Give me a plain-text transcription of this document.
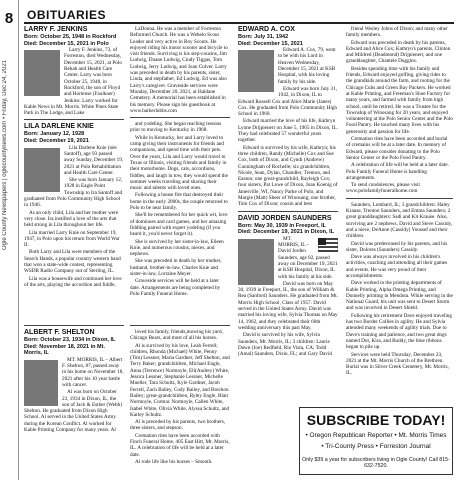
8
Ogle County Newspapers | oglecountynews.com • Friday, Dec 24, 2021
OBITUARIES
LARRY F. JENKINS
Born: October 25, 1948 in Rockford
Died: December 15, 2021 in Polo

Larry F. Jenkins, 73, of Forreston, died Wednesday, December 15, 2021, at Polo Rehab and Health Care Center. Larry was born October 25, 1948, in Rockford, the son of Floyd and Hortense (Faulkner) Jenkins. Larry worked for Kable News in Mt. Morris. White Pines State Park in The Lodge, and Lake

LILA DARLENE KNIE
Born: January 12, 1928
Died: December 19, 2021

Lila Darlene Knie (née Santoff), age 93 passed away Sunday, December 19, 2021 at Polo Rehabilitation and Health Care Center.

She was born January 12, 1928 in Eagle Point Township to Ira Santoff and graduated from Polo Community High School in 1946.

As an only child, Lila and her mother were very close. Ira instilled a love of the arts that held strong in Lila throughout her life.

Lila married Larry Knie on September 19, 1947, in Polo upon his return from World War II.

Both Larry and Lila were members of the Search Hands, a popular country western band that won a state-wide contest, representing WSDR Radio Company out of Sterling, IL.

Lila was a housewife and continued her love of the arts, playing the accordion and fiddle,

ALBERT F. SHELTON
Born: October 23, 1934 in Dixon, IL
Died: November 18, 2021 in Mt. Morris, IL

MT. MORRIS, IL – Albert F. Shelton, 87, passed away in his home on November 18, 2021 after his 10 year battle with cancer.

Al was born on October 23, 1934 in Dixon, IL, the son of Jack & Esther (Webb) Shelton. He graduated from Dixon High School. Al served in the United States Army during the Korean Conflict. Al worked for Kable Printing Company for many years. Al

LaDonna. He was a member of Forreston Reformed Church. He was a Webelo Scout Leader and very active in Boy Scouts. He enjoyed riding his motor scooter and bicycle to visit friends. Surviving is his step-cousins, Jim Ludwig, Duane Ludwig, Cindy Tiggas, Tom Ludwig, Jerry Ludwig, and Joan Culver. Larry was preceded in death by his parents, sister, Linda, and stepfather, Ed Ludwig. Ed was also Larry's caregiver. Graveside services were Monday, December 20, 2021, at Haldane Cemetery. A memorial has been established in his memory. Please sign his guestbook at www.barkerlubbs.com

and yodeling. She began teaching lessons prior to moving to Kentucky in 1968.

While in Kentucky, her and Larry loved to camp giving their instruments for friends and companions, and spend time with their pets. Over the years, Lila and Larry would travel to Texas or Illinois, visiting friends and family in their motorhome. Dogs, cats, accordions, fiddles, and laugh in tow, they would spend the summer weeks traveling and sharing their music and talents with loved ones.

Following a house fire that destroyed their home in the early 2000s, the couple returned to Polo to be near family.

She'll be remembered for her quick wit, love of dominoes and card games, and her amazing fiddling paired with expert yodeling (if you heard it, you'd never forget it).

She is survived by her sister-in-law, Eileen Knie, and numerous cousins, nieces, and nephews.

She was preceded in death by her mother, husband, brother-in-law, Charles Knie and sister-in-law, Lorraine Meyer.

Graveside services will be held at a later date. Arrangements are being completed by Polo Family Funeral Home.

loved his family, friends,mowing his yard, Chicago Bears, and most of all his horses.

Al is survived by his love, Leah Ferrell; children, Rhonda (Michael) White, Penny (Tim) Lessner, Maria Gardner, Jeff Shelton, and Terry Baker; grandchildren, Michael Engle, Anna (Terrence) Normoyle, Eli(Audrey) White, Jessica Lessner, Stephanie Lessner, Michelle Mueller, Tara Schultz, Kyle Gardner, Jacob Ferrell, Zach Bailey, Cody Bailey, and Brechon Bailey; great-grandchildren, Ryley Engle, Blair Normoyle, Cormac Normoyle, Callen White, Isabel White, Olivia White, Alyssa Schultz, and Karley Schultz.

Al is preceded by his parents, two brothers, three sisters, and stepson.

Cremation rites have been accorded with Finch Funeral Home, 405 East Hitt, Mt. Morris, IL. A celebration of life will be held at a later date.

Al rode life like his horses – Smooth.

EDWARD A. COX
Born: July 31, 1942
Died: December 15, 2021

Edward A. Cox, 79, went to be with his Lord in Heaven Wednesday, December 15, 2021 at KSB Hospital, with his loving family by his side.

Edward was born July 31, 1942, in Dixon, IL to Edward Russell Cox and Alice Marie (Janes) Cox. He graduated from Polo Community High School in 1960.

Edward married the love of his life, Kathryn Lynne Drijpienerr on June 5, 1965 in Dixon, IL. They had celebrated 57 wonderful years together.

Edward is survived by his wife, Kathryn; his three children, Randy (Michelle) Cox and Sue Cox, both of Dixon, and Cyndi (Andrew) Cunningham of Rochelle; six grandchildren, Nicole, Sean, Dylan, Chandler, Trenton, and Easton; one great-grandchild, Rayleigh Cox; four sisters, Pat Lowe of Dixon, Joan Koenig of Janesville, WI, Nancy Parke of Polo, and Margie (Matt) Sheer of Winosang; one brother, Tom Cox of Dixon; cousin and best

DAVID JORDEN SAUNDERS
Born: May 30, 1939 in Freeport, IL
Died: December 19, 2021 in Dixon, IL

MT. MORRIS, IL – David Jorden Saunders, age 82, passed away on December 19, 2021 at KSB Hospital, Dixon, IL with his family at his side.

David was born on May 30, 1939 in Freeport, IL, the son of William & Rea (Sanford) Saunders. He graduated from Mt. Morris High School, Class of 1957. David served in the United States Army. David was married his loving wife, Sylvia Thomas on May 14, 1962, and they celebrated their 60th wedding anniversary this past May.

David is survived by his wife, Sylvia Saunders, Mt. Morris, IL; 3 children: Laurie Dawn (Joe) Redfield, Rio Vista, CA; Todd (Amal) Saunders, Dixie, FL; and Gary David

friend Wesley Johns of Dixon; and many other family members.

Edward was preceded in death by his parents, Edward and Alice Cox; Kathryn's parents, Clinton and Mildred (Deadmond) Drijpienerr, and one granddaughter, Chantele Duggins.

Besides spending time with his family and friends, Edward enjoyed golfing, giving rides to the grandkids around the farm, and rooting for the Chicago Cubs and Green Bay Packers. He worked at Kable Printing, and Freeman's Shoe Factory for many years, and farmed with family from high school, until he retired. He was a Trustee for the Township of Winosang for 20 years, and enjoyed volunteering at the Polo Senior Center and the Polo Food Pantry. He touched many lives with his generosity and passion for life.

Cremation rites have been accorded and burial of cremains will be at a later date. In memory of Edward, please consider donating to the Polo Senior Center or the Polo Food Pantry.

A celebration of life will be held at a later date. Polo Family Funeral Home is handling arrangements.

To send condolences, please visit www.polofamilyfuneralhome.com

Saunders, Lombard, IL; 3 grandchildren: Haley Krause, Trenton Saunders, and Emma Saunders; 2 great granddaughters: Sadi and Kit Krause. Also, surviving are 2 nephews, David and Steve Cassidy, and a niece, DeAnne (Cassidy) Youssef and their children.

David was predeceased by his parents, and his sister, Dolores (Saunders) Cassidy.

Dave was always involved in his children's activities, coaching and attending all their games and events. He was very proud of their accomplishments.

Dave worked in the printing departments of Kable Printing, Alpha Omega Printing, and Donnelly printing in Mendota. While serving in the National Guard, his unit was sent to Desert Storm and was involved in Desert Shield.

Following his retirement Dave enjoyed traveling has two Border Collies in agility. He and Sylvia attended many weekends of agility trials. Due to Dave's training and patience, and two great dogs named Dot, Kira, and Buddy, the blue ribbons began to pile up.

Services were held Thursday, December 23, 2021 at the Mt. Morris Church of the Brethren. Burial was in Silver Creek Cemetery, Mt. Morris, IL.

SUBSCRIBE TODAY!
• Oregon Republican Reporter • Mt. Morris Times
• Tri-County Press • Forreston Journal
Only $39 a year for subscribers living in Ogle County! Call 815-632-7520.
